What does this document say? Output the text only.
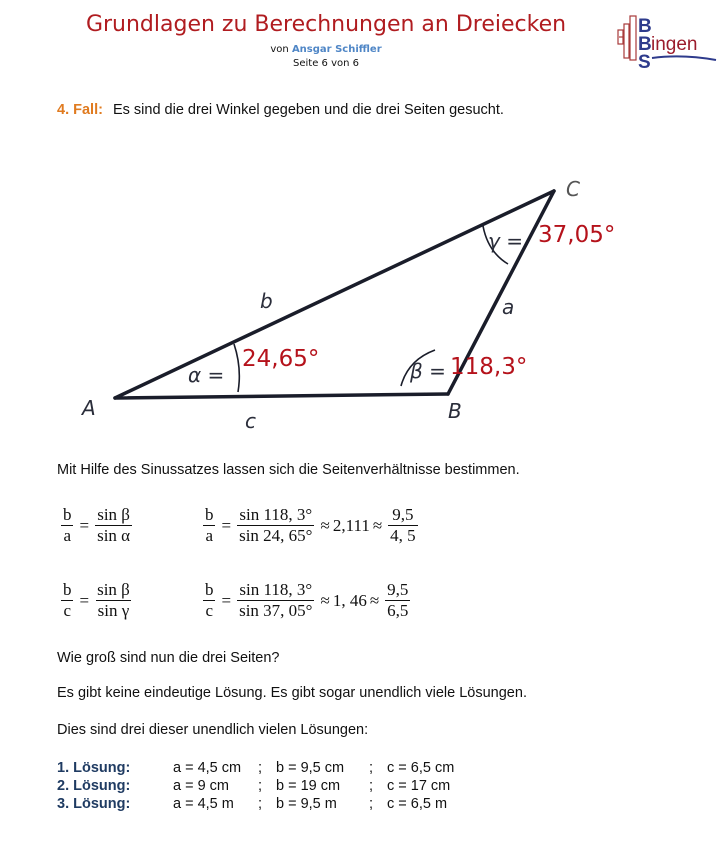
Grundlagen zu Berechnungen an Dreiecken
von Ansgar Schiffler
Seite 6 von 6
B
B ingen
S
4. Fall: Es sind die drei Winkel gegeben und die drei Seiten gesucht.
A	B
C
a
b
c
α =	β =
γ =
24,65°	118,3°
37,05°
Mit Hilfe des Sinussatzes lassen sich die Seitenverhältnisse bestimmen.
$\frac{b}{a} = \frac{\text{sin β}}{\text{sin α}}$	$\frac{b}{a} = \frac{\sin 118, 3^\circ}{\sin 24, 65^\circ} \approx 2,111 \approx \frac{9,5}{4, 5}$
$\frac{b}{c} = \frac{\text{sin β}}{\text{sin γ}}$	$\frac{b}{c} = \frac{\sin 118, 3^\circ}{\sin 37, 05^\circ} \approx 1$, $46 \approx \frac{9,5}{6,5}$
Wie groß sind nun die drei Seiten?
Es gibt keine eindeutige Lösung. Es gibt sogar unendlich viele Lösungen.
Dies sind drei dieser unendlich vielen Lösungen:
1. Lösung:	a = 4,5 cm	; b = 9,5 cm	; c = 6,5 cm
2. Lösung:	a = 9 cm	; b = 19 cm	; c = 17 cm
3. Lösung:	a = 4,5 m	; b = 9,5 m	; c = 6,5 m
